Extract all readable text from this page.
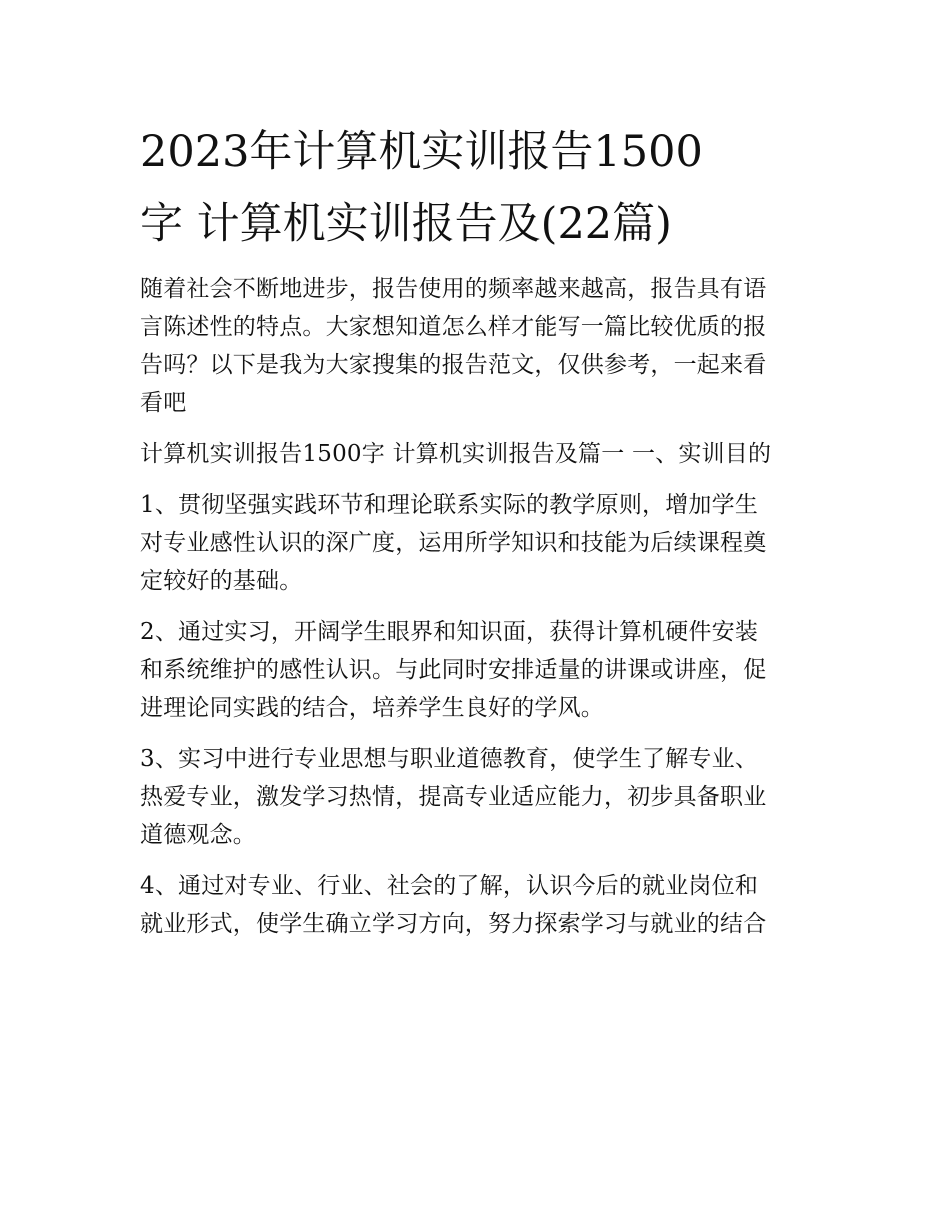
2023年计算机实训报告1500
字 计算机实训报告及(22篇)

随着社会不断地进步，报告使用的频率越来越高，报告具有语

言陈述性的特点。大家想知道怎么样才能写一篇比较优质的报

告吗？以下是我为大家搜集的报告范文，仅供参考，一起来看

看吧

计算机实训报告1500字 计算机实训报告及篇一 一、实训目的

1、贯彻坚强实践环节和理论联系实际的教学原则，增加学生

对专业感性认识的深广度，运用所学知识和技能为后续课程奠

定较好的基础。

2、通过实习，开阔学生眼界和知识面，获得计算机硬件安装

和系统维护的感性认识。与此同时安排适量的讲课或讲座，促

进理论同实践的结合，培养学生良好的学风。

3、实习中进行专业思想与职业道德教育，使学生了解专业、

热爱专业，激发学习热情，提高专业适应能力，初步具备职业

道德观念。

4、通过对专业、行业、社会的了解，认识今后的就业岗位和

就业形式，使学生确立学习方向，努力探索学习与就业的结合
